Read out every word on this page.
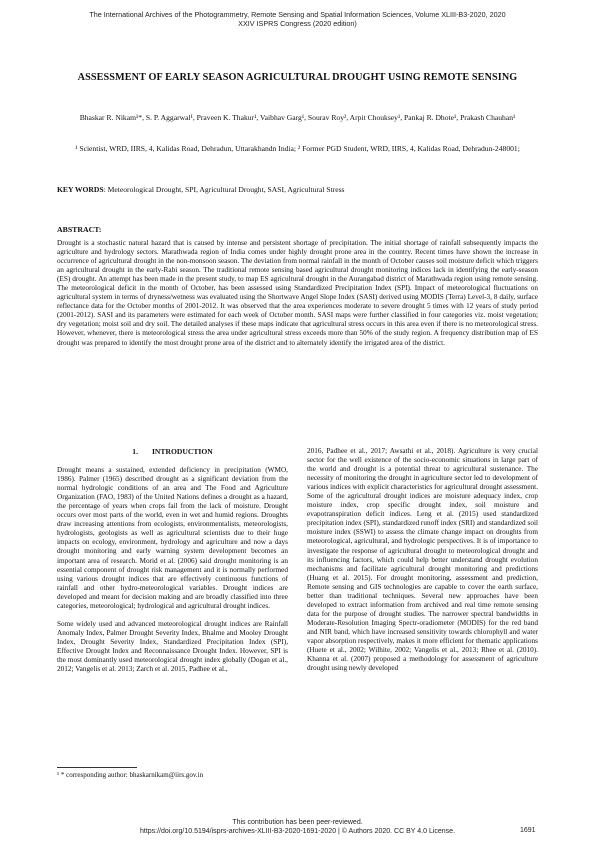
The International Archives of the Photogrammetry, Remote Sensing and Spatial Information Sciences, Volume XLIII-B3-2020, 2020
XXIV ISPRS Congress (2020 edition)
ASSESSMENT OF EARLY SEASON AGRICULTURAL DROUGHT USING REMOTE SENSING
Bhaskar R. Nikam¹*, S. P. Aggarwal¹, Praveen K. Thakur¹, Vaibhav Garg¹, Sourav Roy², Arpit Chouksey¹, Pankaj R. Dhote¹, Prakash Chauhan¹
¹ Scientist, WRD, IIRS, 4, Kalidas Road, Dehradun, Uttarakhandn India; ² Former PGD Student, WRD, IIRS, 4, Kalidas Road, Dehradun-248001;
KEY WORDS: Meteorological Drought, SPI, Agricultural Drought, SASI, Agricultural Stress
ABSTRACT:
Drought is a stochastic natural hazard that is caused by intense and persistent shortage of precipitation. The initial shortage of rainfall subsequently impacts the agriculture and hydrology sectors. Marathwada region of India comes under highly drought prone area in the country. Recent times have shown the increase in occurrence of agricultural drought in the non-monsoon season. The deviation from normal rainfall in the month of October causes soil moisture deficit which triggers an agricultural drought in the early-Rabi season. The traditional remote sensing based agricultural drought monitoring indices lack in identifying the early-season (ES) drought. An attempt has been made in the present study, to map ES agricultural drought in the Aurangabad district of Marathwada region using remote sensing. The meteorological deficit in the month of October, has been assessed using Standardized Precipitation Index (SPI). Impact of meteorological fluctuations on agricultural system in terms of dryness/wetness was evaluated using the Shortwave Angel Slope Index (SASI) derived using MODIS (Terra) Level-3, 8 daily, surface reflectance data for the October months of 2001-2012. It was observed that the area experiences moderate to severe drought 5 times with 12 years of study period (2001-2012). SASI and its parameters were estimated for each week of October month. SASI maps were further classified in four categories viz. moist vegetation; dry vegetation; moist soil and dry soil. The detailed analyses if these maps indicate that agricultural stress occurs in this area even if there is no meteorological stress. However, whenever, there is meteorological stress the area under agricultural stress exceeds more than 50% of the study region. A frequency distribution map of ES drought was prepared to identify the most drought prone area of the district and to alternately identify the irrigated area of the district.
1. INTRODUCTION

Drought means a sustained, extended deficiency in precipitation (WMO, 1986). Palmer (1965) described drought as a significant deviation from the normal hydrologic conditions of an area and The Food and Agriculture Organization (FAO, 1983) of the United Nations defines a drought as a hazard, the percentage of years when crops fail from the lack of moisture. Drought occurs over most parts of the world, even in wet and humid regions. Droughts draw increasing attentions from ecologists, environmentalists, meteorologists, hydrologists, geologists as well as agricultural scientists due to their huge impacts on ecology, environment, hydrology and agriculture and now a days drought monitoring and early warning system development becomes an important area of research. Morid et al. (2006) said drought monitoring is an essential component of drought risk management and it is normally performed using various drought indices that are effectively continuous functions of rainfall and other hydro-meteorological variables. Drought indices are developed and meant for decision making and are broadly classified into three categories, meteorological; hydrological and agricultural drought indices.

Some widely used and advanced meteorological drought indices are Rainfall Anomaly Index, Palmer Drought Severity Index, Bhalme and Mooley Drought Index, Drought Severity Index, Standardized Precipitation Index (SPI), Effective Drought Index and Reconnaissance Drought Index. However, SPI is the most dominantly used meteorological drought index globally (Dogan et al., 2012; Vangelis et al. 2013; Zarch et al. 2015, Padhee et al.,

2016, Padhee et al., 2017; Awsathi et al., 2018). Agriculture is very crucial sector for the well existence of the socio-economic situations in large part of the world and drought is a potential threat to agricultural sustenance. The necessity of monitoring the drought in agriculture sector led to development of various indices with explicit characteristics for agricultural drought assessment. Some of the agricultural drought indices are moisture adequacy index, crop moisture index, crop specific drought index, soil moisture and evapotranspiration deficit indices. Leng et al. (2015) used standardized precipitation index (SPI), standardized runoff index (SRI) and standardized soil moisture index (SSWI) to assess the climate change impact on droughts from meteorological, agricultural, and hydrologic perspectives. It is of importance to investigate the response of agricultural drought to meteorological drought and its influencing factors, which could help better understand drought evolution mechanisms and facilitate agricultural drought monitoring and predictions (Huang et al. 2015). For drought monitoring, assessment and prediction, Remote sensing and GIS technologies are capable to cover the earth surface, better than traditional techniques. Several new approaches have been developed to extract information from archived and real time remote sensing data for the purpose of drought studies. The narrower spectral bandwidths in Moderate-Resolution Imaging Spectr-oradiometer (MODIS) for the red band and NIR band, which have increased sensitivity towards chlorophyll and water vapor absorption respectively, makes it more efficient for thematic applications (Huete et al., 2002; Wilhite, 2002; Vangelis et al., 2013; Rhee et al. (2010). Khanna et al. (2007) proposed a methodology for assessment of agriculture drought using newly developed

¹ * corresponding author: bhaskarnikam@iirs.gov.in
This contribution has been peer-reviewed.
https://doi.org/10.5194/isprs-archives-XLIII-B3-2020-1691-2020 | © Authors 2020. CC BY 4.0 License.	1691
